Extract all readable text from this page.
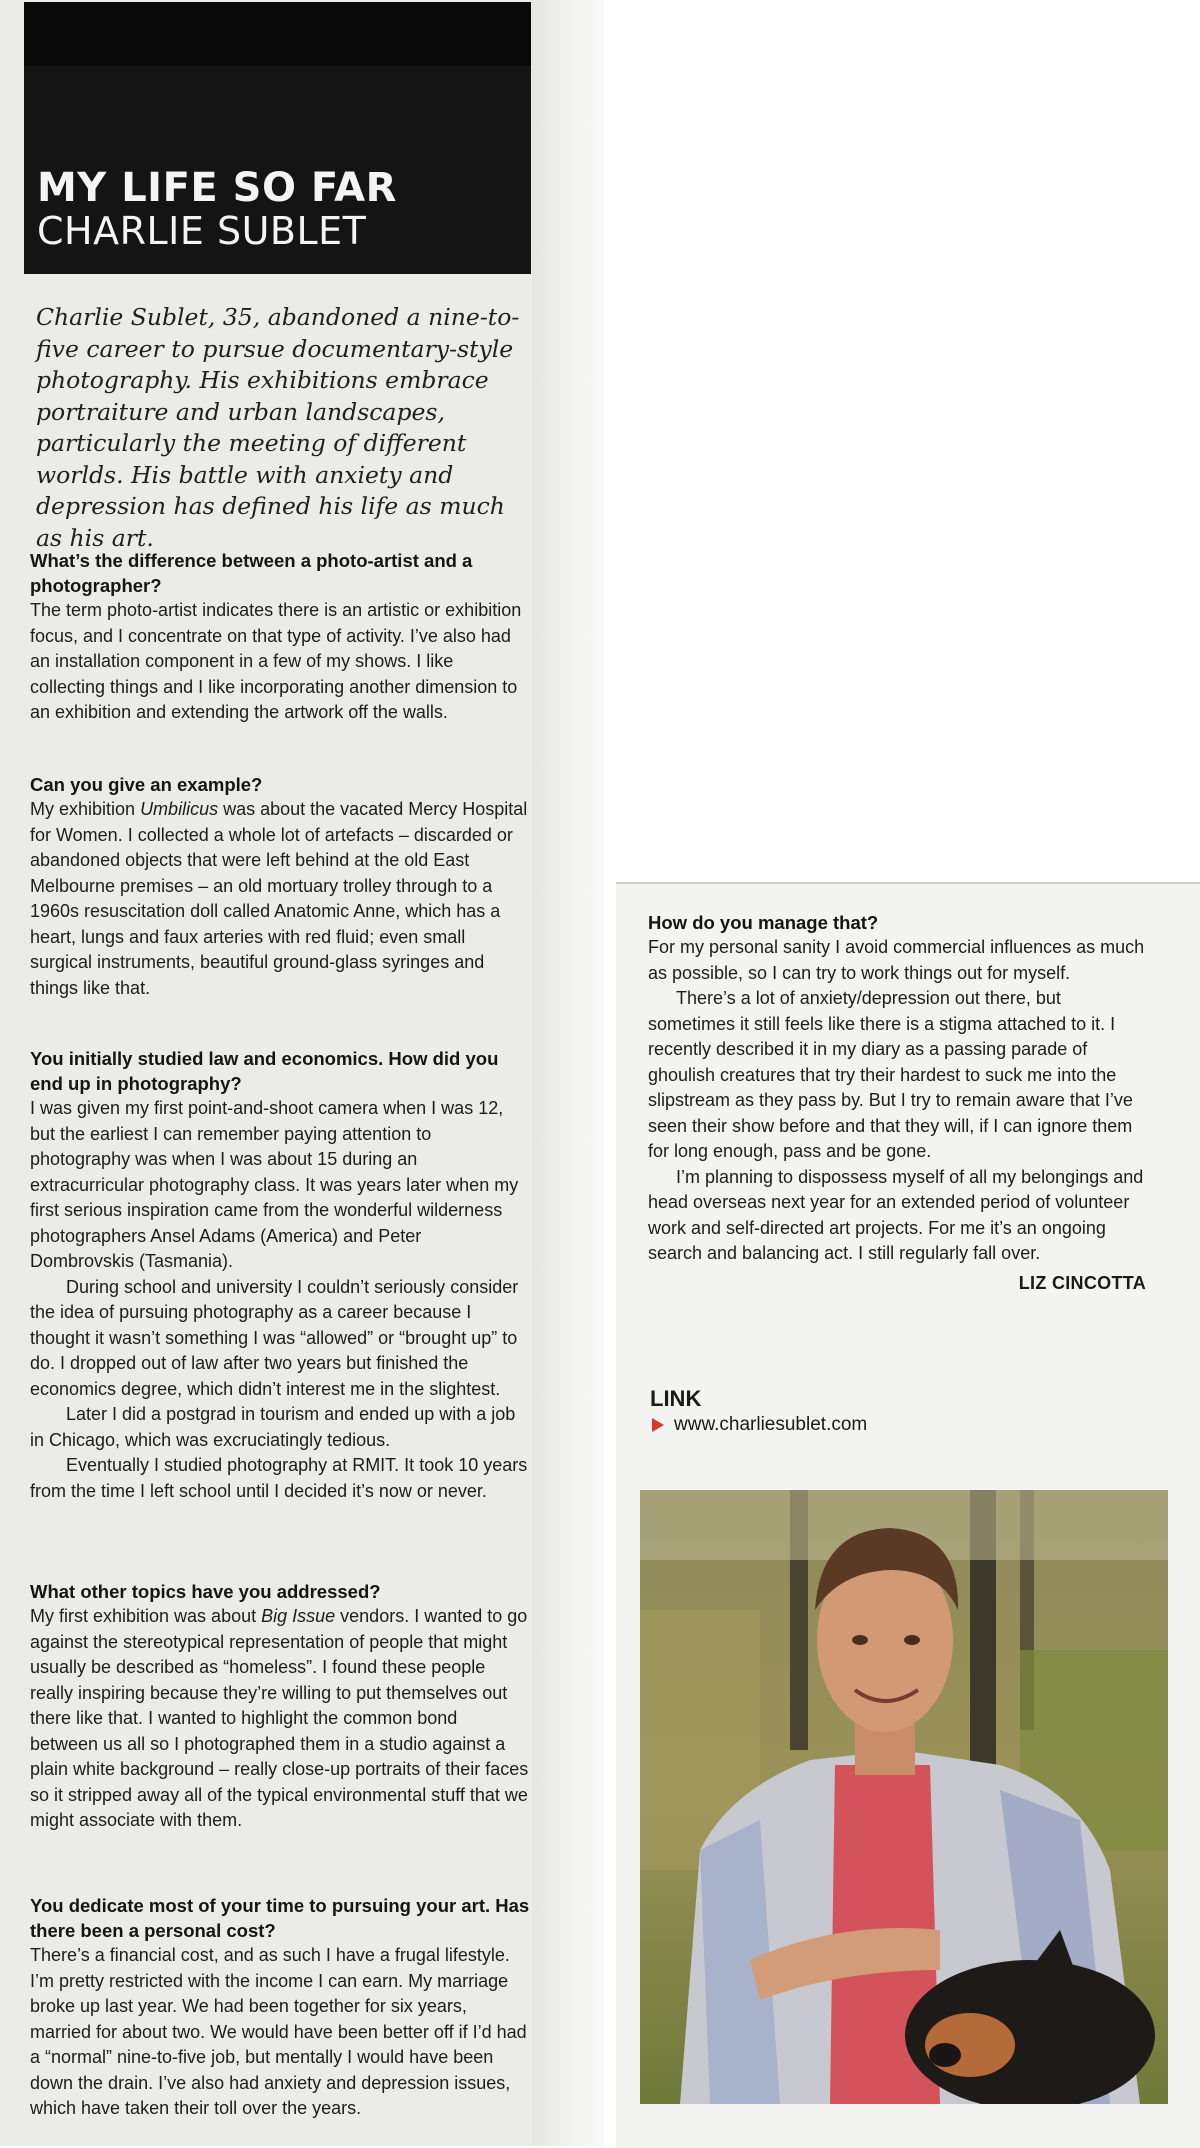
MY LIFE SO FAR
CHARLIE SUBLET
Charlie Sublet, 35, abandoned a nine-to-five career to pursue documentary-style photography. His exhibitions embrace portraiture and urban landscapes, particularly the meeting of different worlds. His battle with anxiety and depression has defined his life as much as his art.
What’s the difference between a photo-artist and a photographer?

The term photo-artist indicates there is an artistic or exhibition focus, and I concentrate on that type of activity. I’ve also had an installation component in a few of my shows. I like collecting things and I like incorporating another dimension to an exhibition and extending the artwork off the walls.

Can you give an example?

My exhibition Umbilicus was about the vacated Mercy Hospital for Women. I collected a whole lot of artefacts – discarded or abandoned objects that were left behind at the old East Melbourne premises – an old mortuary trolley through to a 1960s resuscitation doll called Anatomic Anne, which has a heart, lungs and faux arteries with red fluid; even small surgical instruments, beautiful ground-glass syringes and things like that.

You initially studied law and economics. How did you end up in photography?

I was given my first point-and-shoot camera when I was 12, but the earliest I can remember paying attention to photography was when I was about 15 during an extracurricular photography class. It was years later when my first serious inspiration came from the wonderful wilderness photographers Ansel Adams (America) and Peter Dombrovskis (Tasmania).

During school and university I couldn’t seriously consider the idea of pursuing photography as a career because I thought it wasn’t something I was “allowed” or “brought up” to do. I dropped out of law after two years but finished the economics degree, which didn’t interest me in the slightest.

Later I did a postgrad in tourism and ended up with a job in Chicago, which was excruciatingly tedious.

Eventually I studied photography at RMIT. It took 10 years from the time I left school until I decided it’s now or never.

What other topics have you addressed?

My first exhibition was about Big Issue vendors. I wanted to go against the stereotypical representation of people that might usually be described as “homeless”. I found these people really inspiring because they’re willing to put themselves out there like that. I wanted to highlight the common bond between us all so I photographed them in a studio against a plain white background – really close-up portraits of their faces so it stripped away all of the typical environmental stuff that we might associate with them.

You dedicate most of your time to pursuing your art. Has there been a personal cost?

There’s a financial cost, and as such I have a frugal lifestyle. I’m pretty restricted with the income I can earn. My marriage broke up last year. We had been together for six years, married for about two. We would have been better off if I’d had a “normal” nine-to-five job, but mentally I would have been down the drain. I’ve also had anxiety and depression issues, which have taken their toll over the years.

How do you manage that?

For my personal sanity I avoid commercial influences as much as possible, so I can try to work things out for myself.

There’s a lot of anxiety/depression out there, but sometimes it still feels like there is a stigma attached to it. I recently described it in my diary as a passing parade of ghoulish creatures that try their hardest to suck me into the slipstream as they pass by. But I try to remain aware that I’ve seen their show before and that they will, if I can ignore them for long enough, pass and be gone.

I’m planning to dispossess myself of all my belongings and head overseas next year for an extended period of volunteer work and self-directed art projects. For me it’s an ongoing search and balancing act. I still regularly fall over.

LIZ CINCOTTA
LINK
www.charliesublet.com
